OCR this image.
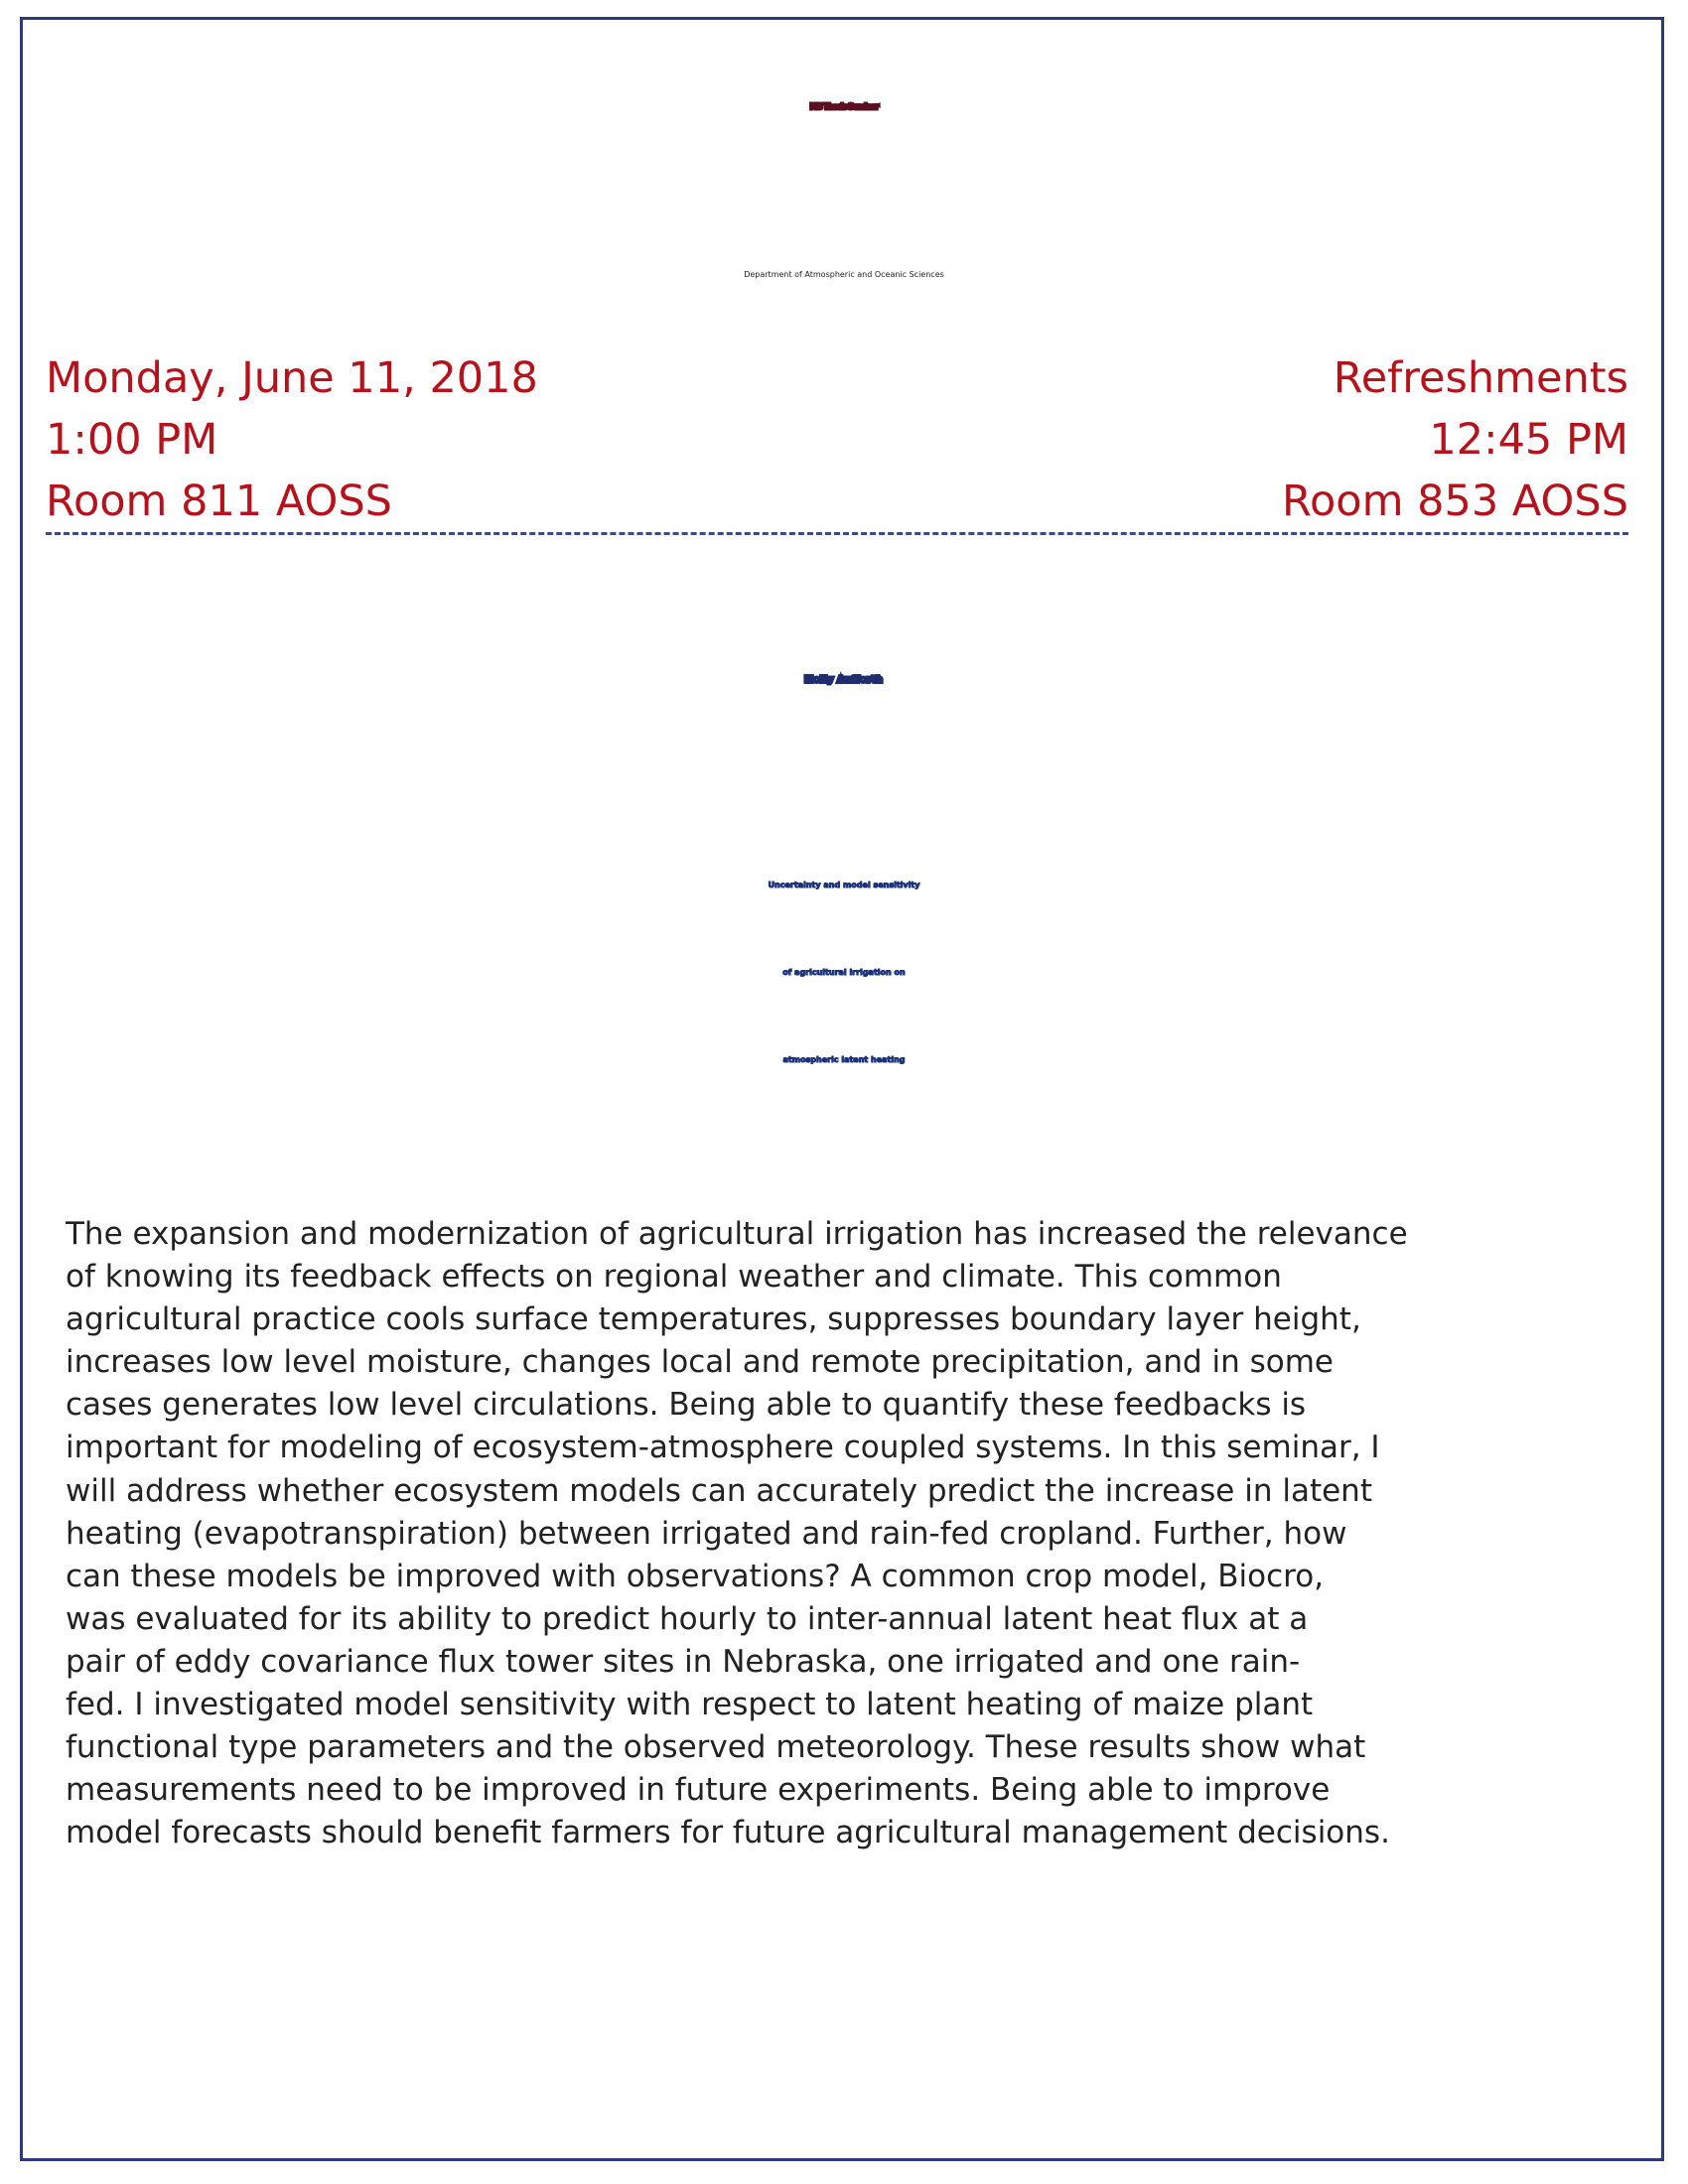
MS Thesis Seminar
Department of Atmospheric and Oceanic Sciences
Monday, June 11, 2018
1:00 PM
Room 811 AOSS
Refreshments
12:45 PM
Room 853 AOSS
Molly Aufforth
Uncertainty and model sensitivity
of agricultural irrigation on
atmospheric latent heating
The expansion and modernization of agricultural irrigation has increased the relevance
of knowing its feedback effects on regional weather and climate. This common
agricultural practice cools surface temperatures, suppresses boundary layer height,
increases low level moisture, changes local and remote precipitation, and in some
cases generates low level circulations. Being able to quantify these feedbacks is
important for modeling of ecosystem-atmosphere coupled systems. In this seminar, I
will address whether ecosystem models can accurately predict the increase in latent
heating (evapotranspiration) between irrigated and rain-fed cropland. Further, how
can these models be improved with observations? A common crop model, Biocro,
was evaluated for its ability to predict hourly to inter-annual latent heat flux at a
pair of eddy covariance flux tower sites in Nebraska, one irrigated and one rain-
fed. I investigated model sensitivity with respect to latent heating of maize plant
functional type parameters and the observed meteorology. These results show what
measurements need to be improved in future experiments. Being able to improve
model forecasts should benefit farmers for future agricultural management decisions.
